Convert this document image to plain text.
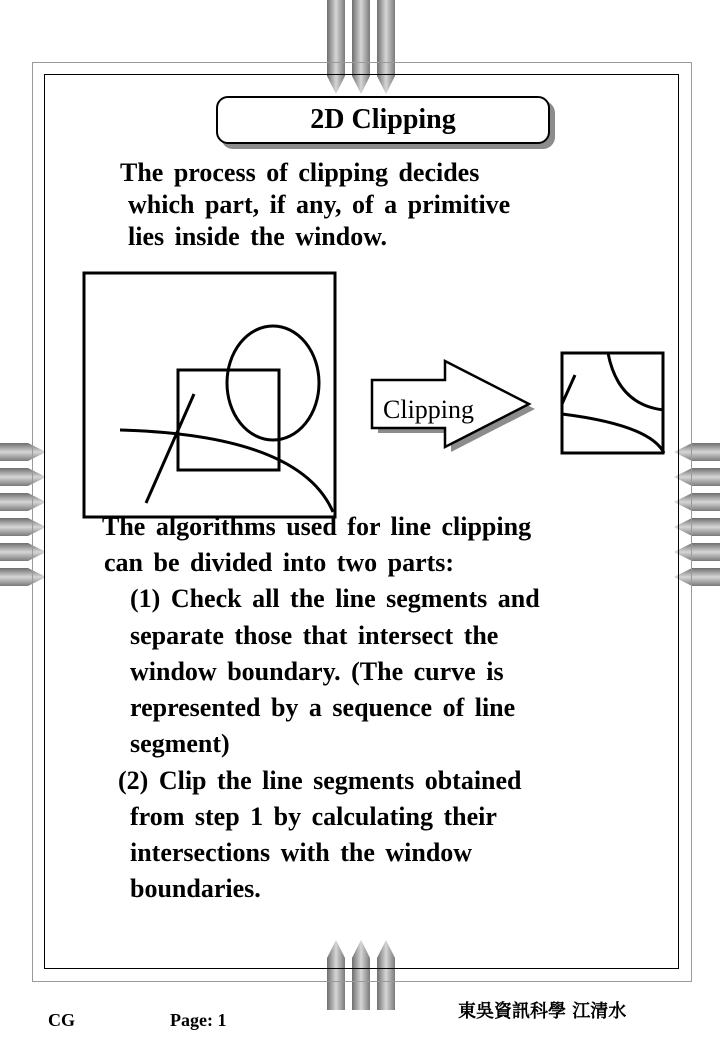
2D Clipping
The process of clipping decides
which part, if any, of a primitive
lies inside the window.
Clipping
The algorithms used for line clipping
can be divided into two parts:
(1) Check all the line segments and
separate those that intersect the
window boundary. (The curve is
represented by a sequence of line
segment)
(2) Clip the line segments obtained
from step 1 by calculating their
intersections with the window
boundaries.
CG	Page: 1	東吳資訊科學 江清水
